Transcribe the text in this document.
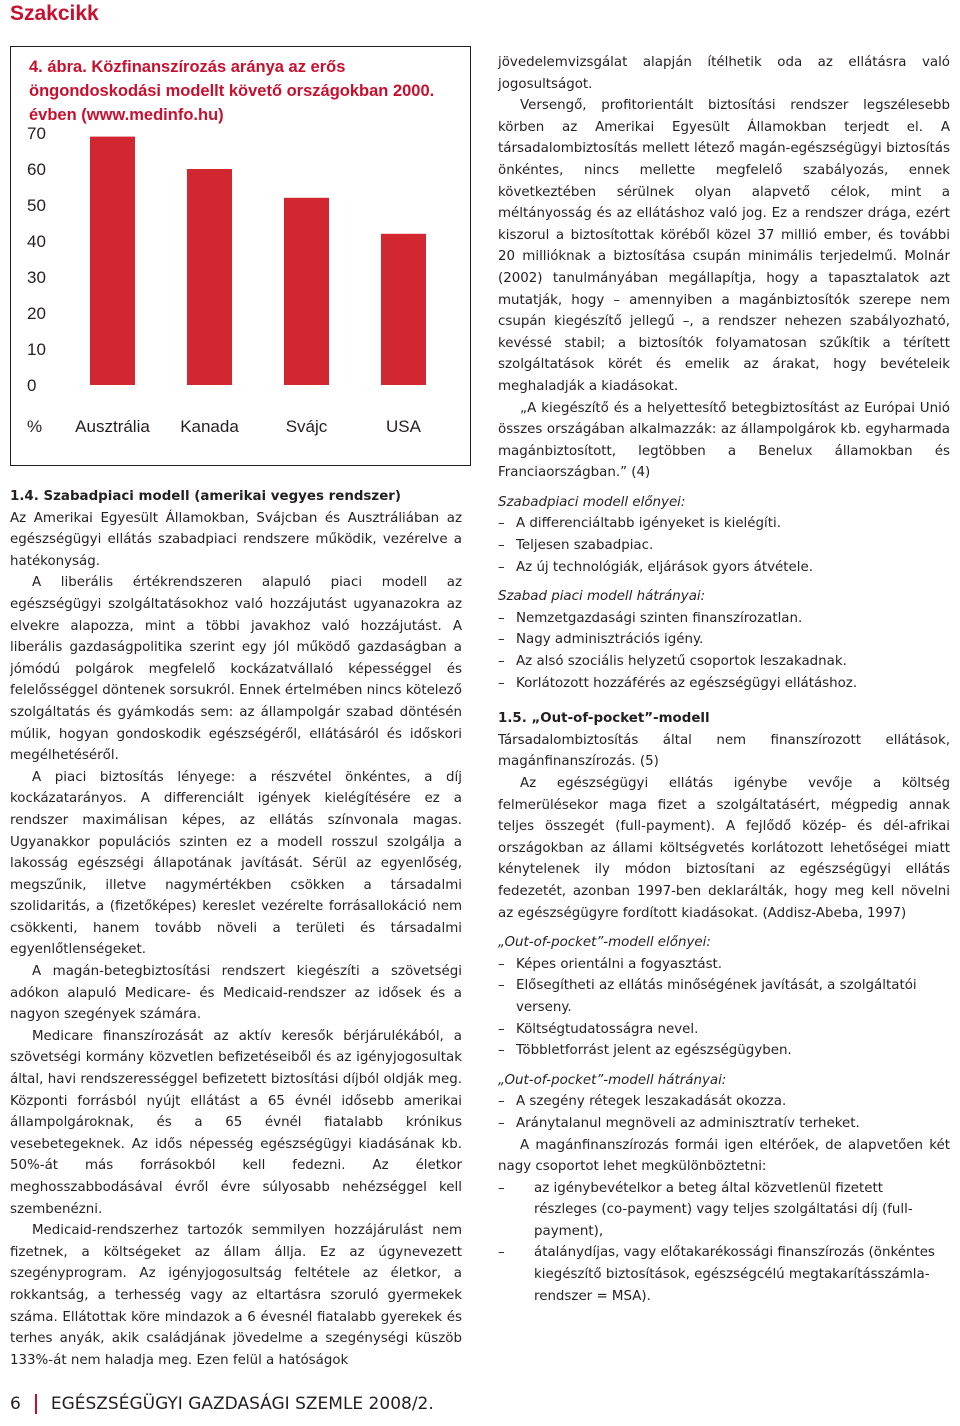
Szakcikk
4. ábra. Közfinanszírozás aránya az erős öngondoskodási modellt követő országokban 2000. évben (www.medinfo.hu)
70
60
50
40
30
20
10
0
% Ausztrália Kanada	Svájc	USA

1.4. Szabadpiaci modell (amerikai vegyes rendszer)

Az Amerikai Egyesült Államokban, Svájcban és Ausztráliában az egészségügyi ellátás szabadpiaci rendszere működik, vezérelve a hatékonyság.

A liberális értékrendszeren alapuló piaci modell az egészségügyi szolgáltatásokhoz való hozzájutást ugyanazokra az elvekre alapozza, mint a többi javakhoz való hozzájutást. A liberális gazdaságpolitika szerint egy jól működő gazdaságban a jómódú polgárok megfelelő kockázatvállaló képességgel és felelősséggel döntenek sorsukról. Ennek értelmében nincs kötelező szolgáltatás és gyámkodás sem: az állampolgár szabad döntésén múlik, hogyan gondoskodik egészségéről, ellátásáról és időskori megélhetéséről.

A piaci biztosítás lényege: a részvétel önkéntes, a díj kockázatarányos. A differenciált igények kielégítésére ez a rendszer maximálisan képes, az ellátás színvonala magas. Ugyanakkor populációs szinten ez a modell rosszul szolgálja a lakosság egészségi állapotának javítását. Sérül az egyenlőség, megszűnik, illetve nagymértékben csökken a társadalmi szolidaritás, a (fizetőképes) kereslet vezérelte forrásallokáció nem csökkenti, hanem tovább növeli a területi és társadalmi egyenlőtlenségeket.

A magán-betegbiztosítási rendszert kiegészíti a szövetségi adókon alapuló Medicare- és Medicaid-rendszer az idősek és a nagyon szegények számára.

Medicare finanszírozását az aktív keresők bérjárulékából, a szövetségi kormány közvetlen befizetéseiből és az igényjogosultak által, havi rendszerességgel befizetett biztosítási díjból oldják meg. Központi forrásból nyújt ellátást a 65 évnél idősebb amerikai állampolgároknak, és a 65 évnél fiatalabb krónikus vesebetegeknek. Az idős népesség egészségügyi kiadásának kb. 50%-át más forrásokból kell fedezni. Az életkor meghosszabbodásával évről évre súlyosabb nehézséggel kell szembenézni.

Medicaid-rendszerhez tartozók semmilyen hozzájárulást nem fizetnek, a költségeket az állam állja. Ez az úgynevezett szegényprogram. Az igényjogosultság feltétele az életkor, a rokkantság, a terhesség vagy az eltartásra szoruló gyermekek száma. Ellátottak köre mindazok a 6 évesnél fiatalabb gyerekek és terhes anyák, akik családjának jövedelme a szegénységi küszöb 133%-át nem haladja meg. Ezen felül a hatóságok

jövedelemvizsgálat alapján ítélhetik oda az ellátásra való jogosultságot.

Versengő, profitorientált biztosítási rendszer legszélesebb körben az Amerikai Egyesült Államokban terjedt el. A társadalombiztosítás mellett létező magán-egészségügyi biztosítás önkéntes, nincs mellette megfelelő szabályozás, ennek következtében sérülnek olyan alapvető célok, mint a méltányosság és az ellátáshoz való jog. Ez a rendszer drága, ezért kiszorul a biztosítottak köréből közel 37 millió ember, és további 20 millióknak a biztosítása csupán minimális terjedelmű. Molnár (2002) tanulmányában megállapítja, hogy a tapasztalatok azt mutatják, hogy – amennyiben a magánbiztosítók szerepe nem csupán kiegészítő jellegű –, a rendszer nehezen szabályozható, kevéssé stabil; a biztosítók folyamatosan szűkítik a térített szolgáltatások körét és emelik az árakat, hogy bevételeik meghaladják a kiadásokat.

„A kiegészítő és a helyettesítő betegbiztosítást az Európai Unió összes országában alkalmazzák: az állampolgárok kb. egyharmada magánbiztosított, legtöbben a Benelux államokban és Franciaországban.” (4)

Szabadpiaci modell előnyei:

– A differenciáltabb igényeket is kielégíti.
– Teljesen szabadpiac.
– Az új technológiák, eljárások gyors átvétele.

Szabad piaci modell hátrányai:

– Nemzetgazdasági szinten finanszírozatlan.
– Nagy adminisztrációs igény.
– Az alsó szociális helyzetű csoportok leszakadnak.
– Korlátozott hozzáférés az egészségügyi ellátáshoz.

1.5. „Out-of-pocket”-modell

Társadalombiztosítás által nem finanszírozott ellátások, magánfinanszírozás. (5)

Az egészségügyi ellátás igénybe vevője a költség felmerülésekor maga fizet a szolgáltatásért, mégpedig annak teljes összegét (full-payment). A fejlődő közép- és dél-afrikai országokban az állami költségvetés korlátozott lehetőségei miatt kénytelenek ily módon biztosítani az egészségügyi ellátás fedezetét, azonban 1997-ben deklarálták, hogy meg kell növelni az egészségügyre fordított kiadásokat. (Addisz-Abeba, 1997)

„Out-of-pocket”-modell előnyei:

– Képes orientálni a fogyasztást.
– Elősegítheti az ellátás minőségének javítását, a szolgáltatói verseny.
– Költségtudatosságra nevel.
– Többletforrást jelent az egészségügyben.

„Out-of-pocket”-modell hátrányai:

– A szegény rétegek leszakadását okozza.
– Aránytalanul megnöveli az adminisztratív terheket.

A magánfinanszírozás formái igen eltérőek, de alapvetően két nagy csoportot lehet megkülönböztetni:

– az igénybevételkor a beteg által közvetlenül fizetett részleges (co-payment) vagy teljes szolgáltatási díj (full-payment),
– átalánydíjas, vagy előtakarékossági finanszírozás (önkéntes kiegészítő biztosítások, egészségcélú megtakarításszámla-rendszer = MSA).
6 EGÉSZSÉGÜGYI GAZDASÁGI SZEMLE 2008/2.
